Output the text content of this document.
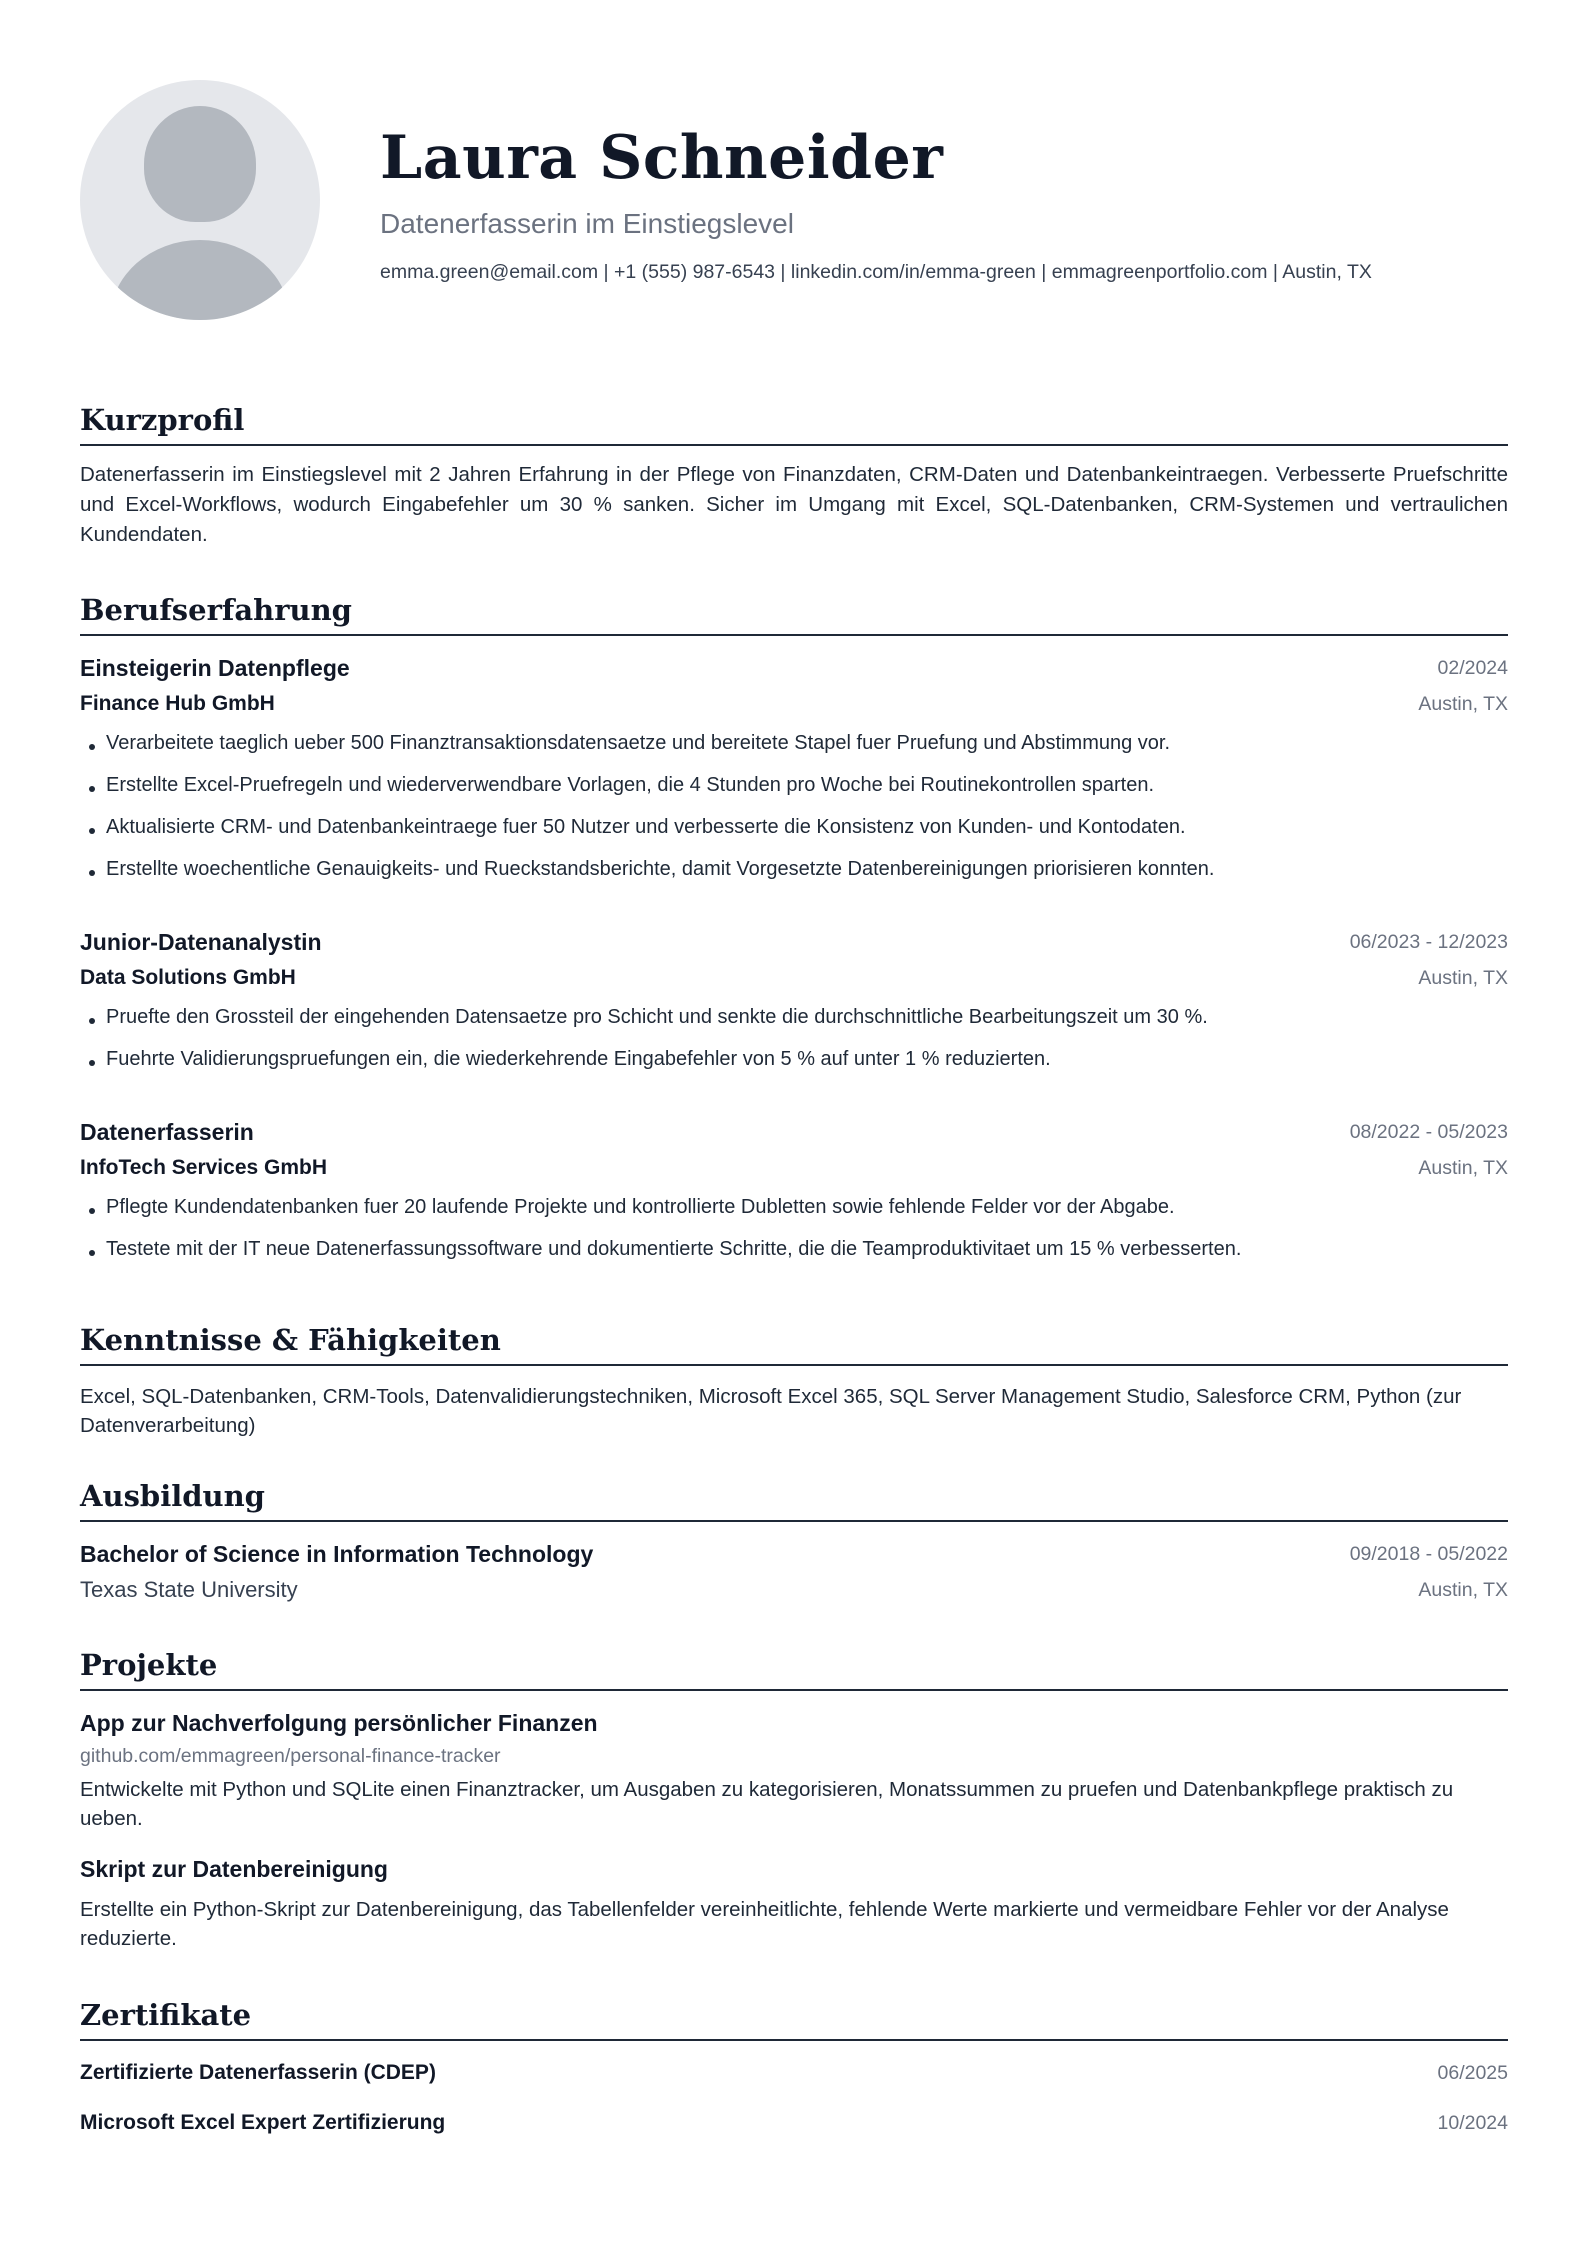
Laura Schneider
Datenerfasserin im Einstiegslevel
emma.green@email.com | +1 (555) 987-6543 | linkedin.com/in/emma-green | emmagreenportfolio.com | Austin, TX
Kurzprofil
Datenerfasserin im Einstiegslevel mit 2 Jahren Erfahrung in der Pflege von Finanzdaten, CRM-Daten und Datenbankeintraegen. Verbesserte Pruefschritte und Excel-Workflows, wodurch Eingabefehler um 30 % sanken. Sicher im Umgang mit Excel, SQL-Datenbanken, CRM-Systemen und vertraulichen Kundendaten.
Berufserfahrung
Einsteigerin Datenpflege	02/2024
Finance Hub GmbH	Austin, TX
Verarbeitete taeglich ueber 500 Finanztransaktionsdatensaetze und bereitete Stapel fuer Pruefung und Abstimmung vor.
Erstellte Excel-Pruefregeln und wiederverwendbare Vorlagen, die 4 Stunden pro Woche bei Routinekontrollen sparten.
Aktualisierte CRM- und Datenbankeintraege fuer 50 Nutzer und verbesserte die Konsistenz von Kunden- und Kontodaten.
Erstellte woechentliche Genauigkeits- und Rueckstandsberichte, damit Vorgesetzte Datenbereinigungen priorisieren konnten.
Junior-Datenanalystin	06/2023 - 12/2023
Data Solutions GmbH	Austin, TX
Pruefte den Grossteil der eingehenden Datensaetze pro Schicht und senkte die durchschnittliche Bearbeitungszeit um 30 %.
Fuehrte Validierungspruefungen ein, die wiederkehrende Eingabefehler von 5 % auf unter 1 % reduzierten.
Datenerfasserin	08/2022 - 05/2023
InfoTech Services GmbH	Austin, TX
Pflegte Kundendatenbanken fuer 20 laufende Projekte und kontrollierte Dubletten sowie fehlende Felder vor der Abgabe.
Testete mit der IT neue Datenerfassungssoftware und dokumentierte Schritte, die die Teamproduktivitaet um 15 % verbesserten.
Kenntnisse & Fähigkeiten
Excel, SQL-Datenbanken, CRM-Tools, Datenvalidierungstechniken, Microsoft Excel 365, SQL Server Management Studio, Salesforce CRM, Python (zur Datenverarbeitung)
Ausbildung
Bachelor of Science in Information Technology	09/2018 - 05/2022
Texas State University	Austin, TX
Projekte
App zur Nachverfolgung persönlicher Finanzen
github.com/emmagreen/personal-finance-tracker
Entwickelte mit Python und SQLite einen Finanztracker, um Ausgaben zu kategorisieren, Monatssummen zu pruefen und Datenbankpflege praktisch zu ueben.
Skript zur Datenbereinigung
Erstellte ein Python-Skript zur Datenbereinigung, das Tabellenfelder vereinheitlichte, fehlende Werte markierte und vermeidbare Fehler vor der Analyse reduzierte.
Zertifikate
Zertifizierte Datenerfasserin (CDEP)	06/2025
Microsoft Excel Expert Zertifizierung	10/2024
